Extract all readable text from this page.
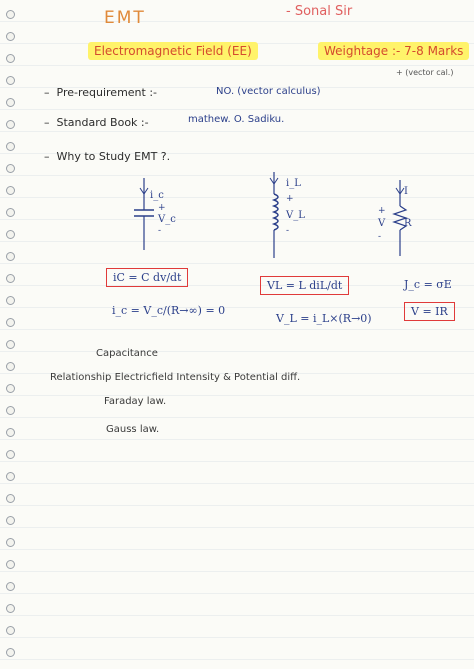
EMT	- Sonal Sir
Electromagnetic Field (EE)	Weightage :- 7-8 Marks
+ (vector cal.)
–  Pre-requirement :-	NO. (vector calculus)
–  Standard Book :-	mathew. O. Sadiku.
–  Why to Study EMT ?.
i_c
+
V_c
-
i_L
+
V_L
-
I
+
V
-
R
iC = C dv/dt
VL = L diL/dt	J_c = σE
V = IR
i_c = V_c/(R→∞) = 0
V_L = i_L×(R→0)
Capacitance
Relationship Electricfield Intensity & Potential diff.
Faraday law.
Gauss law.
